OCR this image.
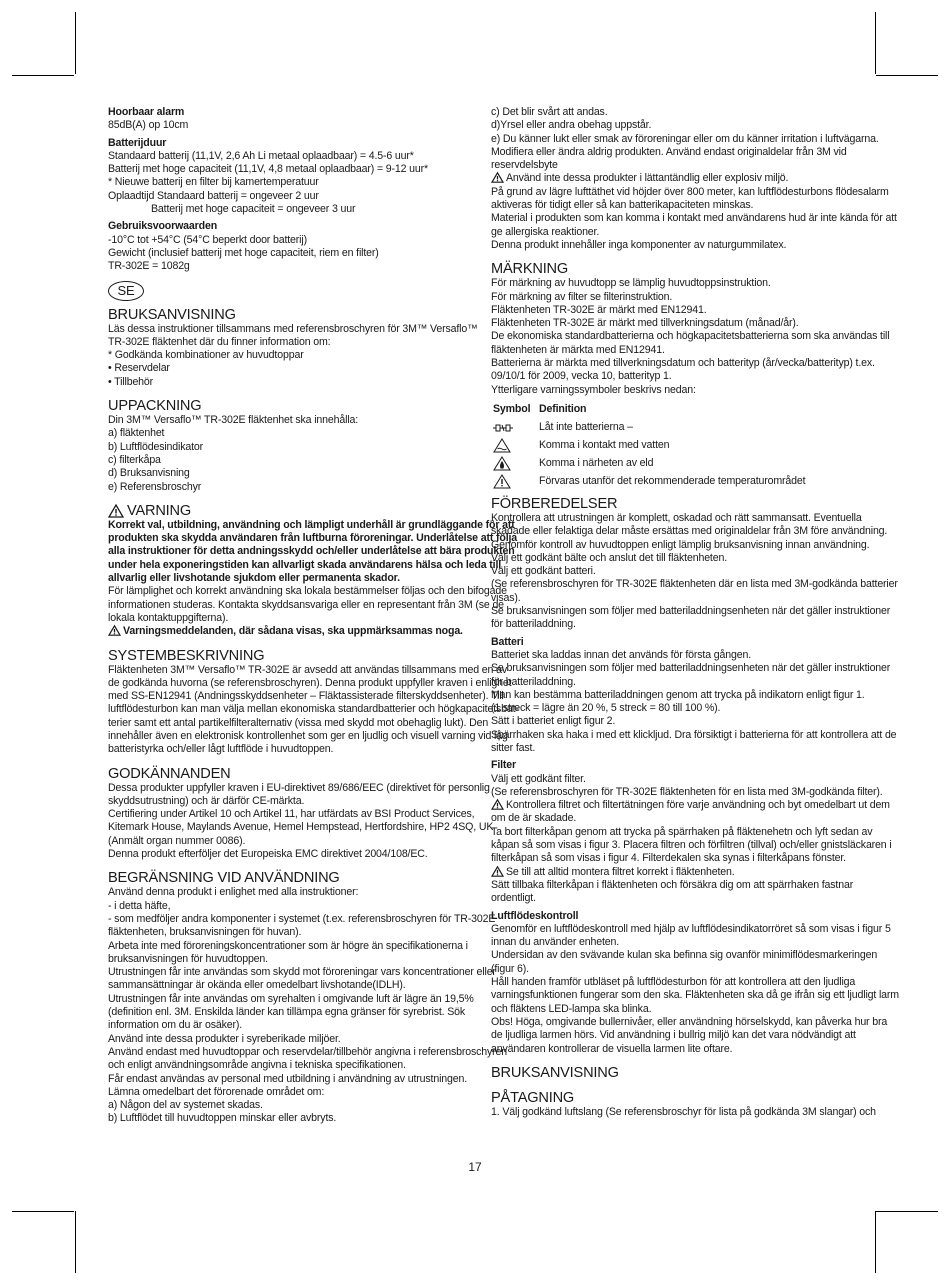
Hoorbaar alarm
85dB(A) op 10cm
Batterijduur
Standaard batterij (11,1V, 2,6 Ah Li metaal oplaadbaar) = 4.5-6 uur*
Batterij met hoge capaciteit (11,1V, 4,8 metaal oplaadbaar) = 9-12 uur*
* Nieuwe batterij en filter bij kamertemperatuur
Oplaadtijd Standaard batterij = ongeveer 2 uur
Batterij met hoge capaciteit = ongeveer 3 uur
Gebruiksvoorwaarden
-10°C tot +54°C (54°C beperkt door batterij)
Gewicht (inclusief batterij met hoge capaciteit, riem en filter)
TR-302E = 1082g
SE
BRUKSANVISNING
Läs dessa instruktioner tillsammans med referensbroschyren för 3M™ Versaflo™
TR-302E fläktenhet där du finner information om:
* Godkända kombinationer av huvudtoppar
• Reservdelar
• Tillbehör
UPPACKNING
Din 3M™ Versaflo™ TR-302E fläktenhet ska innehålla:
a) fläktenhet
b) Luftflödesindikator
c) filterkåpa
d) Bruksanvisning
e) Referensbroschyr
VARNING
Korrekt val, utbildning, användning och lämpligt underhåll är grundläggande för att
produkten ska skydda användaren från luftburna föroreningar. Underlåtelse att följa
alla instruktioner för detta andningsskydd och/eller underlåtelse att bära produkten
under hela exponeringstiden kan allvarligt skada användarens hälsa och leda till
allvarlig eller livshotande sjukdom eller permanenta skador.
För lämplighet och korrekt användning ska lokala bestämmelser följas och den bifogade
informationen studeras. Kontakta skyddsansvariga eller en representant från 3M (se de
lokala kontaktuppgifterna).
Varningsmeddelanden, där sådana visas, ska uppmärksammas noga.
SYSTEMBESKRIVNING
Fläktenheten 3M™ Versaflo™ TR-302E är avsedd att användas tillsammans med en av
de godkända huvorna (se referensbroschyren). Denna produkt uppfyller kraven i enlighet
med SS-EN12941 (Andningsskyddsenheter – Fläktassisterade filterskyddsenheter). Till
luftflödesturbon kan man välja mellan ekonomiska standardbatterier och högkapacitetsbat-
terier samt ett antal partikelfilteralternativ (vissa med skydd mot obehaglig lukt). Den
innehåller även en elektronisk kontrollenhet som ger en ljudlig och visuell varning vid låg
batteristyrka och/eller lågt luftflöde i huvudtoppen.
GODKÄNNANDEN
Dessa produkter uppfyller kraven i EU-direktivet 89/686/EEC (direktivet för personlig
skyddsutrustning) och är därför CE-märkta.
Certifiering under Artikel 10 och Artikel 11, har utfärdats av BSI Product Services,
Kitemark House, Maylands Avenue, Hemel Hempstead, Hertfordshire, HP2 4SQ, UK
(Anmält organ nummer 0086).
Denna produkt efterföljer det Europeiska EMC direktivet 2004/108/EC.
BEGRÄNSNING VID ANVÄNDNING
Använd denna produkt i enlighet med alla instruktioner:
- i detta häfte,
- som medföljer andra komponenter i systemet (t.ex. referensbroschyren för TR-302E
fläktenheten, bruksanvisningen för huvan).
Arbeta inte med föroreningskoncentrationer som är högre än specifikationerna i
bruksanvisningen för huvudtoppen.
Utrustningen får inte användas som skydd mot föroreningar vars koncentrationer eller
sammansättningar är okända eller omedelbart livshotande(IDLH).
Utrustningen får inte användas om syrehalten i omgivande luft är lägre än 19,5%
(definition enl. 3M. Enskilda länder kan tillämpa egna gränser för syrebrist. Sök
information om du är osäker).
Använd inte dessa produkter i syreberikade miljöer.
Använd endast med huvudtoppar och reservdelar/tillbehör angivna i referensbroschyren
och enligt användningsområde angivna i tekniska specifikationen.
Får endast användas av personal med utbildning i användning av utrustningen.
Lämna omedelbart det förorenade området om:
a) Någon del av systemet skadas.
b) Luftflödet till huvudtoppen minskar eller avbryts.
c) Det blir svårt att andas.
d)Yrsel eller andra obehag uppstår.
e) Du känner lukt eller smak av föroreningar eller om du känner irritation i luftvägarna.
Modifiera eller ändra aldrig produkten. Använd endast originaldelar från 3M vid
reservdelsbyte
Använd inte dessa produkter i lättantändlig eller explosiv miljö.
På grund av lägre lufttäthet vid höjder över 800 meter, kan luftflödesturbons flödesalarm
aktiveras för tidigt eller så kan batterikapaciteten minskas.
Material i produkten som kan komma i kontakt med användarens hud är inte kända för att
ge allergiska reaktioner.
Denna produkt innehåller inga komponenter av naturgummilatex.
MÄRKNING
För märkning av huvudtopp se lämplig huvudtoppsinstruktion.
För märkning av filter se filterinstruktion.
Fläktenheten TR-302E är märkt med EN12941.
Fläktenheten TR-302E är märkt med tillverkningsdatum (månad/år).
De ekonomiska standardbatterierna och högkapacitetsbatterierna som ska användas till
fläktenheten är märkta med EN12941.
Batterierna är märkta med tillverkningsdatum och batterityp (år/vecka/batterityp) t.ex.
09/10/1 för 2009, vecka 10, batterityp 1.
Ytterligare varningssymboler beskrivs nedan:
Symbol Definition
Låt inte batterierna –
Komma i kontakt med vatten
Komma i närheten av eld
Förvaras utanför det rekommenderade temperaturområdet
FÖRBEREDELSER
Kontrollera att utrustningen är komplett, oskadad och rätt sammansatt. Eventuella
skadade eller felaktiga delar måste ersättas med originaldelar från 3M före användning.
Genomför kontroll av huvudtoppen enligt lämplig bruksanvisning innan användning.
Välj ett godkänt bälte och anslut det till fläktenheten.
Välj ett godkänt batteri.
(Se referensbroschyren för TR-302E fläktenheten där en lista med 3M-godkända batterier
visas).
Se bruksanvisningen som följer med batteriladdningsenheten när det gäller instruktioner
för batteriladdning.
Batteri
Batteriet ska laddas innan det används för första gången.
Se bruksanvisningen som följer med batteriladdningsenheten när det gäller instruktioner
för batteriladdning.
Man kan bestämma batteriladdningen genom att trycka på indikatorn enligt figur 1.
(1 streck = lägre än 20 %, 5 streck = 80 till 100 %).
Sätt i batteriet enligt figur 2.
Spärrhaken ska haka i med ett klickljud. Dra försiktigt i batterierna för att kontrollera att de
sitter fast.
Filter
Välj ett godkänt filter.
(Se referensbroschyren för TR-302E fläktenheten för en lista med 3M-godkända filter).
Kontrollera filtret och filtertätningen före varje användning och byt omedelbart ut dem
om de är skadade.
Ta bort filterkåpan genom att trycka på spärrhaken på fläktenehetn och lyft sedan av
kåpan så som visas i figur 3. Placera filtren och förfiltren (tillval) och/eller gnistsläckaren i
filterkåpan så som visas i figur 4. Filterdekalen ska synas i filterkåpans fönster.
Se till att alltid montera filtret korrekt i fläktenheten.
Sätt tillbaka filterkåpan i fläktenheten och försäkra dig om att spärrhaken fastnar
ordentligt.
Luftflödeskontroll
Genomför en luftflödeskontroll med hjälp av luftflödesindikatorröret så som visas i figur 5
innan du använder enheten.
Undersidan av den svävande kulan ska befinna sig ovanför minimiflödesmarkeringen
(figur 6).
Håll handen framför utbläset på luftflödesturbon för att kontrollera att den ljudliga
varningsfunktionen fungerar som den ska. Fläktenheten ska då ge ifrån sig ett ljudligt larm
och fläktens LED-lampa ska blinka.
Obs! Höga, omgivande bullernivåer, eller användning hörselskydd, kan påverka hur bra
de ljudliga larmen hörs. Vid användning i bullrig miljö kan det vara nödvändigt att
användaren kontrollerar de visuella larmen lite oftare.
BRUKSANVISNING
PÅTAGNING
1. Välj godkänd luftslang (Se referensbroschyr för lista på godkända 3M slangar) och
17
